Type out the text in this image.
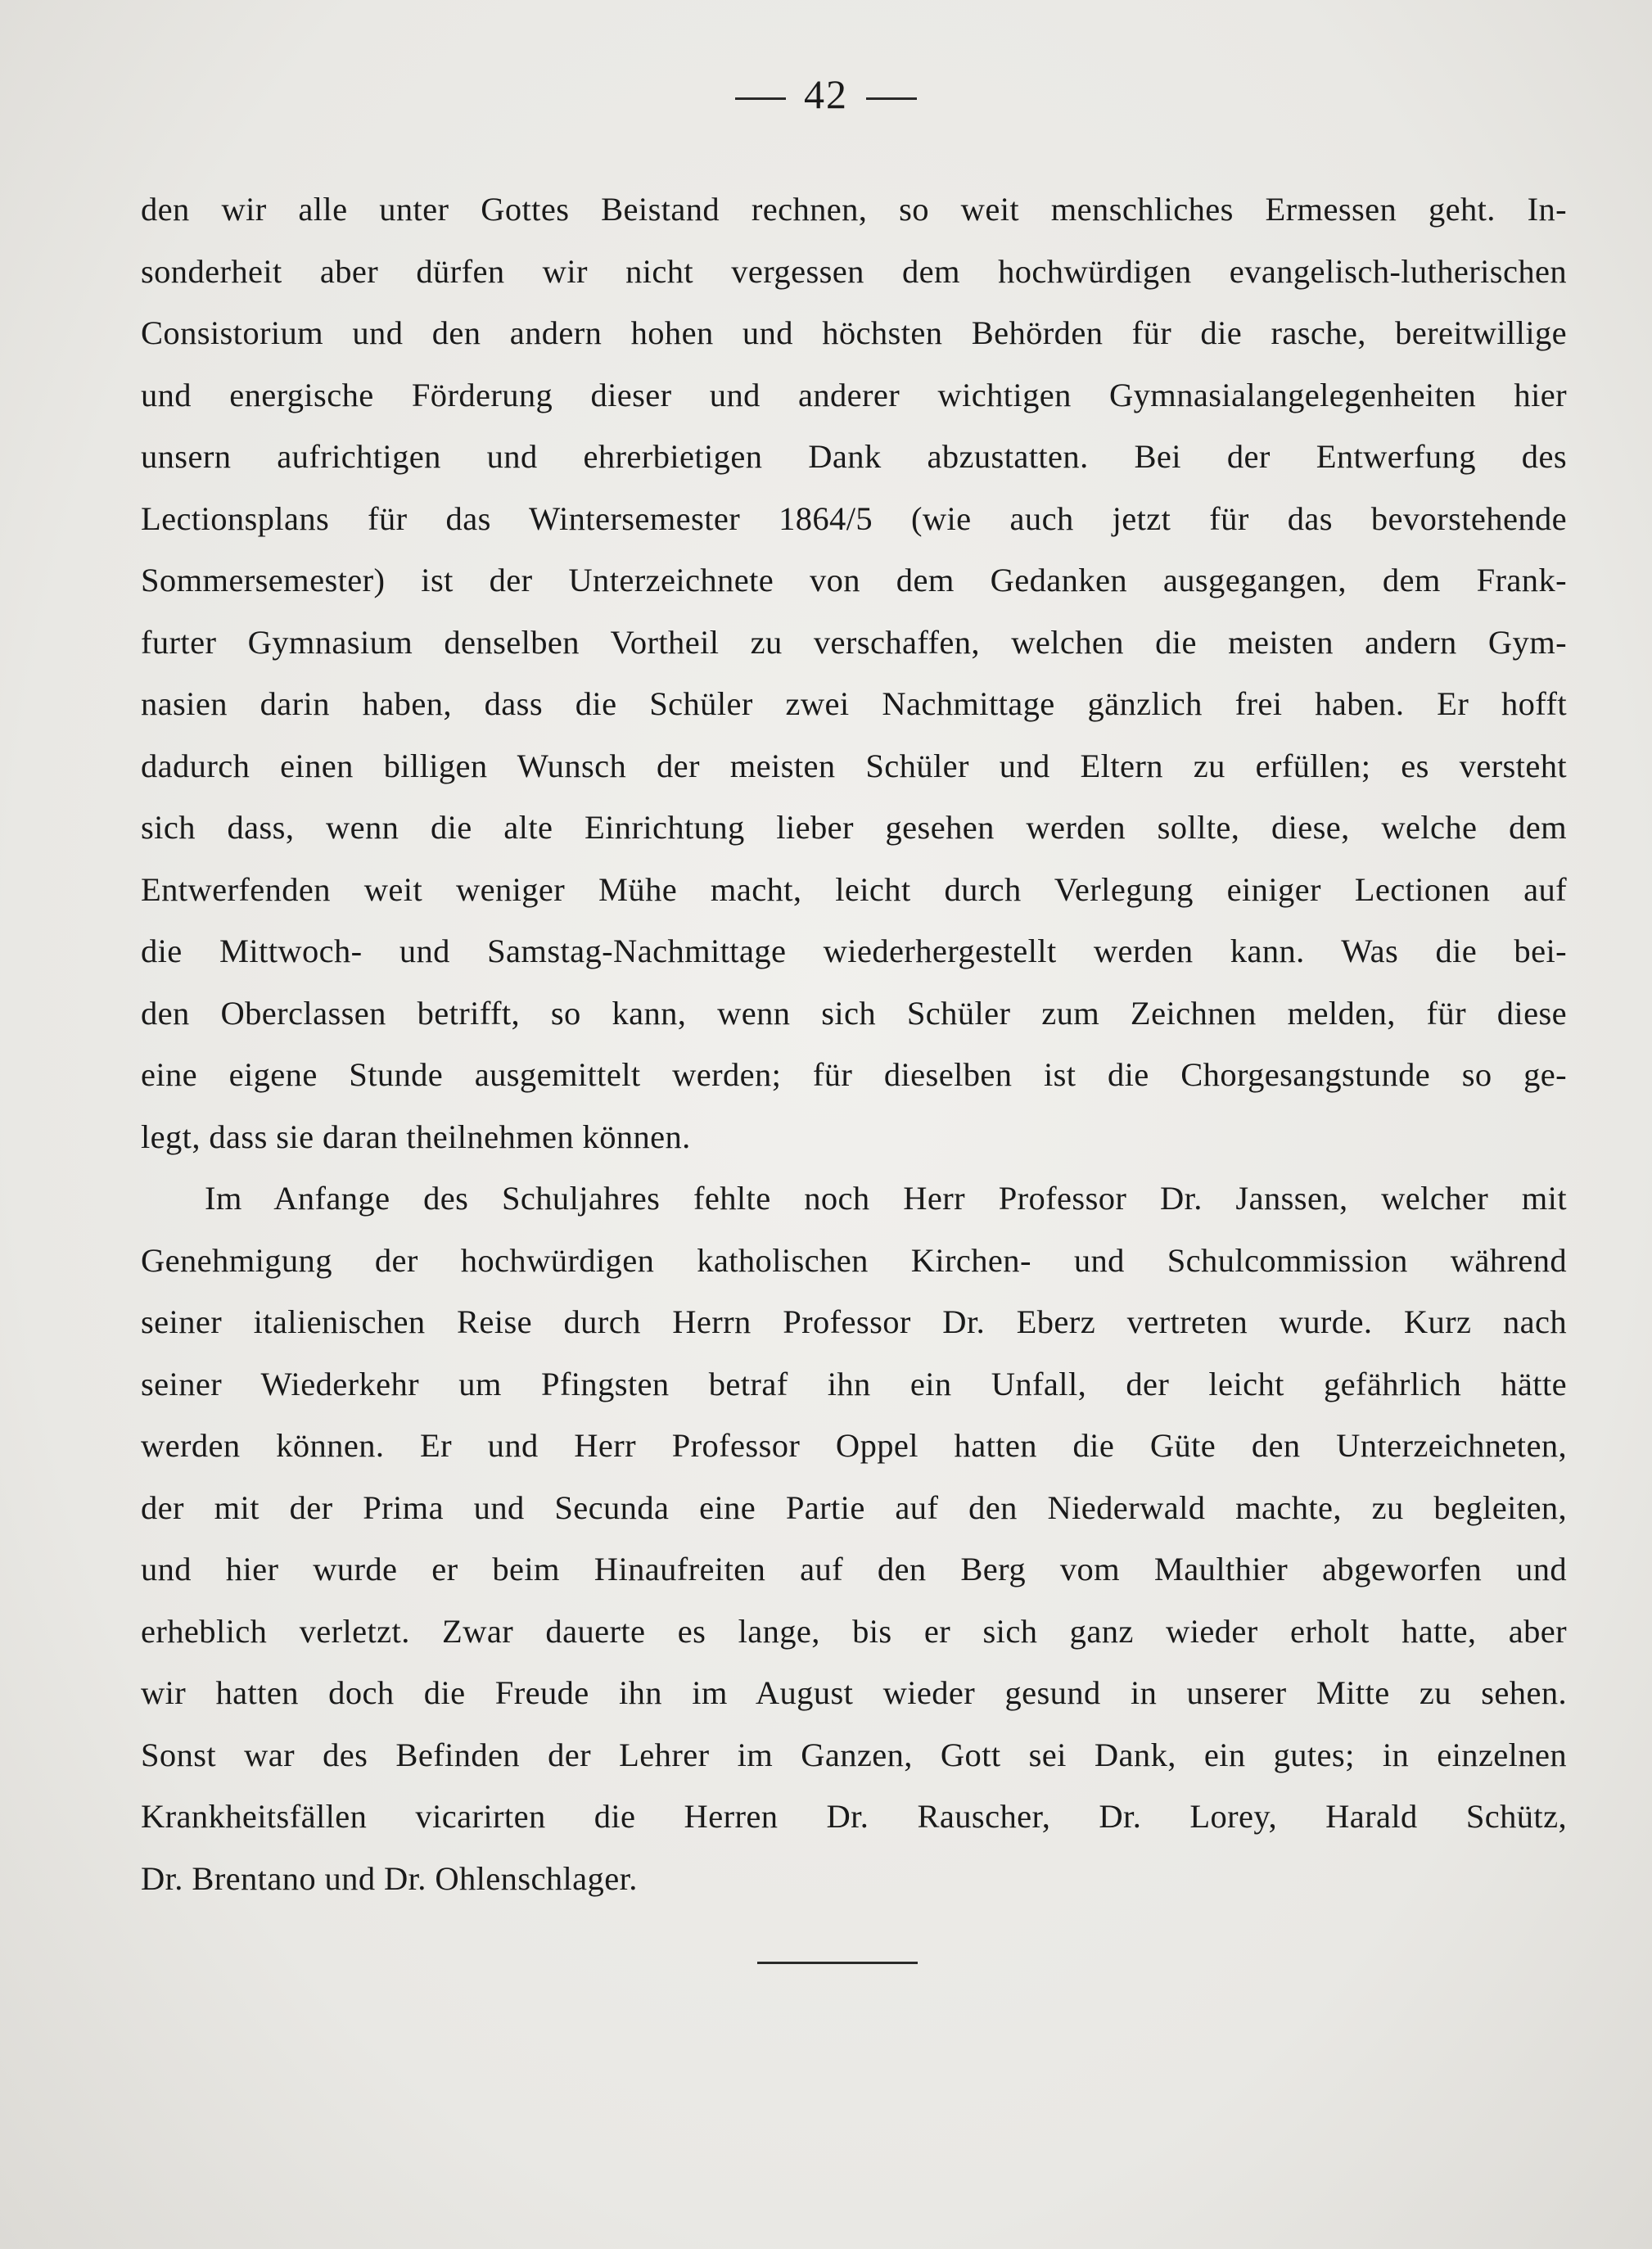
42
den wir alle unter Gottes Beistand rechnen, so weit menschliches Ermessen geht. In-
sonderheit aber dürfen wir nicht vergessen dem hochwürdigen evangelisch-lutherischen
Consistorium und den andern hohen und höchsten Behörden für die rasche, bereitwillige
und energische Förderung dieser und anderer wichtigen Gymnasialangelegenheiten hier
unsern aufrichtigen und ehrerbietigen Dank abzustatten. Bei der Entwerfung des
Lectionsplans für das Wintersemester 1864/5 (wie auch jetzt für das bevorstehende
Sommersemester) ist der Unterzeichnete von dem Gedanken ausgegangen, dem Frank-
furter Gymnasium denselben Vortheil zu verschaffen, welchen die meisten andern Gym-
nasien darin haben, dass die Schüler zwei Nachmittage gänzlich frei haben. Er hofft
dadurch einen billigen Wunsch der meisten Schüler und Eltern zu erfüllen; es versteht
sich dass, wenn die alte Einrichtung lieber gesehen werden sollte, diese, welche dem
Entwerfenden weit weniger Mühe macht, leicht durch Verlegung einiger Lectionen auf
die Mittwoch- und Samstag-Nachmittage wiederhergestellt werden kann. Was die bei-
den Oberclassen betrifft, so kann, wenn sich Schüler zum Zeichnen melden, für diese
eine eigene Stunde ausgemittelt werden; für dieselben ist die Chorgesangstunde so ge-
legt, dass sie daran theilnehmen können.
Im Anfange des Schuljahres fehlte noch Herr Professor Dr. Janssen, welcher mit
Genehmigung der hochwürdigen katholischen Kirchen- und Schulcommission während
seiner italienischen Reise durch Herrn Professor Dr. Eberz vertreten wurde. Kurz nach
seiner Wiederkehr um Pfingsten betraf ihn ein Unfall, der leicht gefährlich hätte
werden können. Er und Herr Professor Oppel hatten die Güte den Unterzeichneten,
der mit der Prima und Secunda eine Partie auf den Niederwald machte, zu begleiten,
und hier wurde er beim Hinaufreiten auf den Berg vom Maulthier abgeworfen und
erheblich verletzt. Zwar dauerte es lange, bis er sich ganz wieder erholt hatte, aber
wir hatten doch die Freude ihn im August wieder gesund in unserer Mitte zu sehen.
Sonst war des Befinden der Lehrer im Ganzen, Gott sei Dank, ein gutes; in einzelnen
Krankheitsfällen vicarirten die Herren Dr. Rauscher, Dr. Lorey, Harald Schütz,
Dr. Brentano und Dr. Ohlenschlager.
